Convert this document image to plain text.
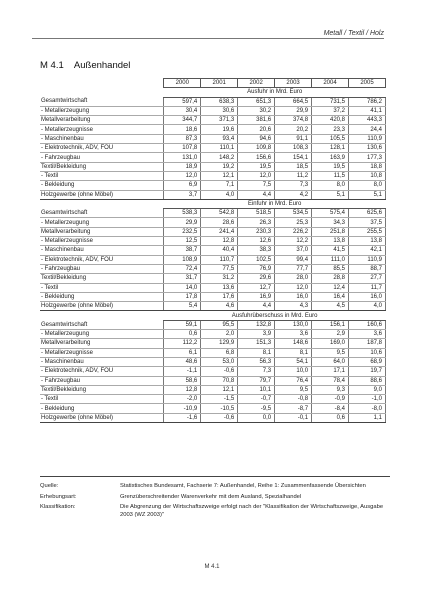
Metall / Textil / Holz
M 4.1 Außenhandel
	2000	2001	2002	2003	2004	2005
	Ausfuhr in Mrd. Euro					
Gesamtwirtschaft	597,4	638,3	651,3	664,5	731,5	786,2
- Metallerzeugung	30,4	30,6	30,2	29,9	37,2	41,1
Metallverarbeitung	344,7	371,3	381,6	374,8	420,8	443,3
- Metallerzeugnisse	18,6	19,6	20,6	20,2	23,3	24,4
- Maschinenbau	87,3	93,4	94,6	91,1	105,5	110,9
- Elektrotechnik, ADV, FOU	107,8	110,1	109,8	108,3	128,1	130,6
- Fahrzeugbau	131,0	148,2	156,6	154,1	163,9	177,3
Textil/Bekleidung	18,9	19,2	19,5	18,5	19,5	18,8
- Textil	12,0	12,1	12,0	11,2	11,5	10,8
- Bekleidung	6,9	7,1	7,5	7,3	8,0	8,0
Holzgewerbe (ohne Möbel)	3,7	4,0	4,4	4,2	5,1	5,1
	Einfuhr in Mrd. Euro					
Gesamtwirtschaft	538,3	542,8	518,5	534,5	575,4	625,6
- Metallerzeugung	29,9	28,6	26,3	25,3	34,3	37,5
Metallverarbeitung	232,5	241,4	230,3	226,2	251,8	255,5
- Metallerzeugnisse	12,5	12,8	12,6	12,2	13,8	13,8
- Maschinenbau	38,7	40,4	38,3	37,0	41,5	42,1
- Elektrotechnik, ADV, FOU	108,9	110,7	102,5	99,4	111,0	110,9
- Fahrzeugbau	72,4	77,5	76,9	77,7	85,5	88,7
Textil/Bekleidung	31,7	31,2	29,6	28,0	28,8	27,7
- Textil	14,0	13,6	12,7	12,0	12,4	11,7
- Bekleidung	17,8	17,6	16,9	16,0	16,4	16,0
Holzgewerbe (ohne Möbel)	5,4	4,6	4,4	4,3	4,5	4,0
	Ausfuhrüberschuss in Mrd. Euro					
Gesamtwirtschaft	59,1	95,5	132,8	130,0	156,1	160,6
- Metallerzeugung	0,6	2,0	3,9	3,6	2,9	3,6
Metallverarbeitung	112,2	129,9	151,3	148,6	169,0	187,8
- Metallerzeugnisse	6,1	6,8	8,1	8,1	9,5	10,6
- Maschinenbau	48,6	53,0	56,3	54,1	64,0	68,9
- Elektrotechnik, ADV, FOU	-1,1	-0,6	7,3	10,0	17,1	19,7
- Fahrzeugbau	58,6	70,8	79,7	76,4	78,4	88,6
Textil/Bekleidung	12,8	12,1	10,1	9,5	9,3	9,0
- Textil	-2,0	-1,5	-0,7	-0,8	-0,9	-1,0
- Bekleidung	-10,9	-10,5	-9,5	-8,7	-8,4	-8,0
Holzgewerbe (ohne Möbel)	-1,6	-0,6	0,0	-0,1	0,6	1,1
Quelle:	Statistisches Bundesamt, Fachserie 7: Außenhandel, Reihe 1: Zusammenfassende Übersichten
Erhebungsart:	Grenzüberschreitender Warenverkehr mit dem Ausland, Spezialhandel
Klassifikation:	Die Abgrenzung der Wirtschaftszweige erfolgt nach der "Klassifikation der Wirtschaftszweige, Ausgabe 2003 (WZ 2003)"
M 4.1
